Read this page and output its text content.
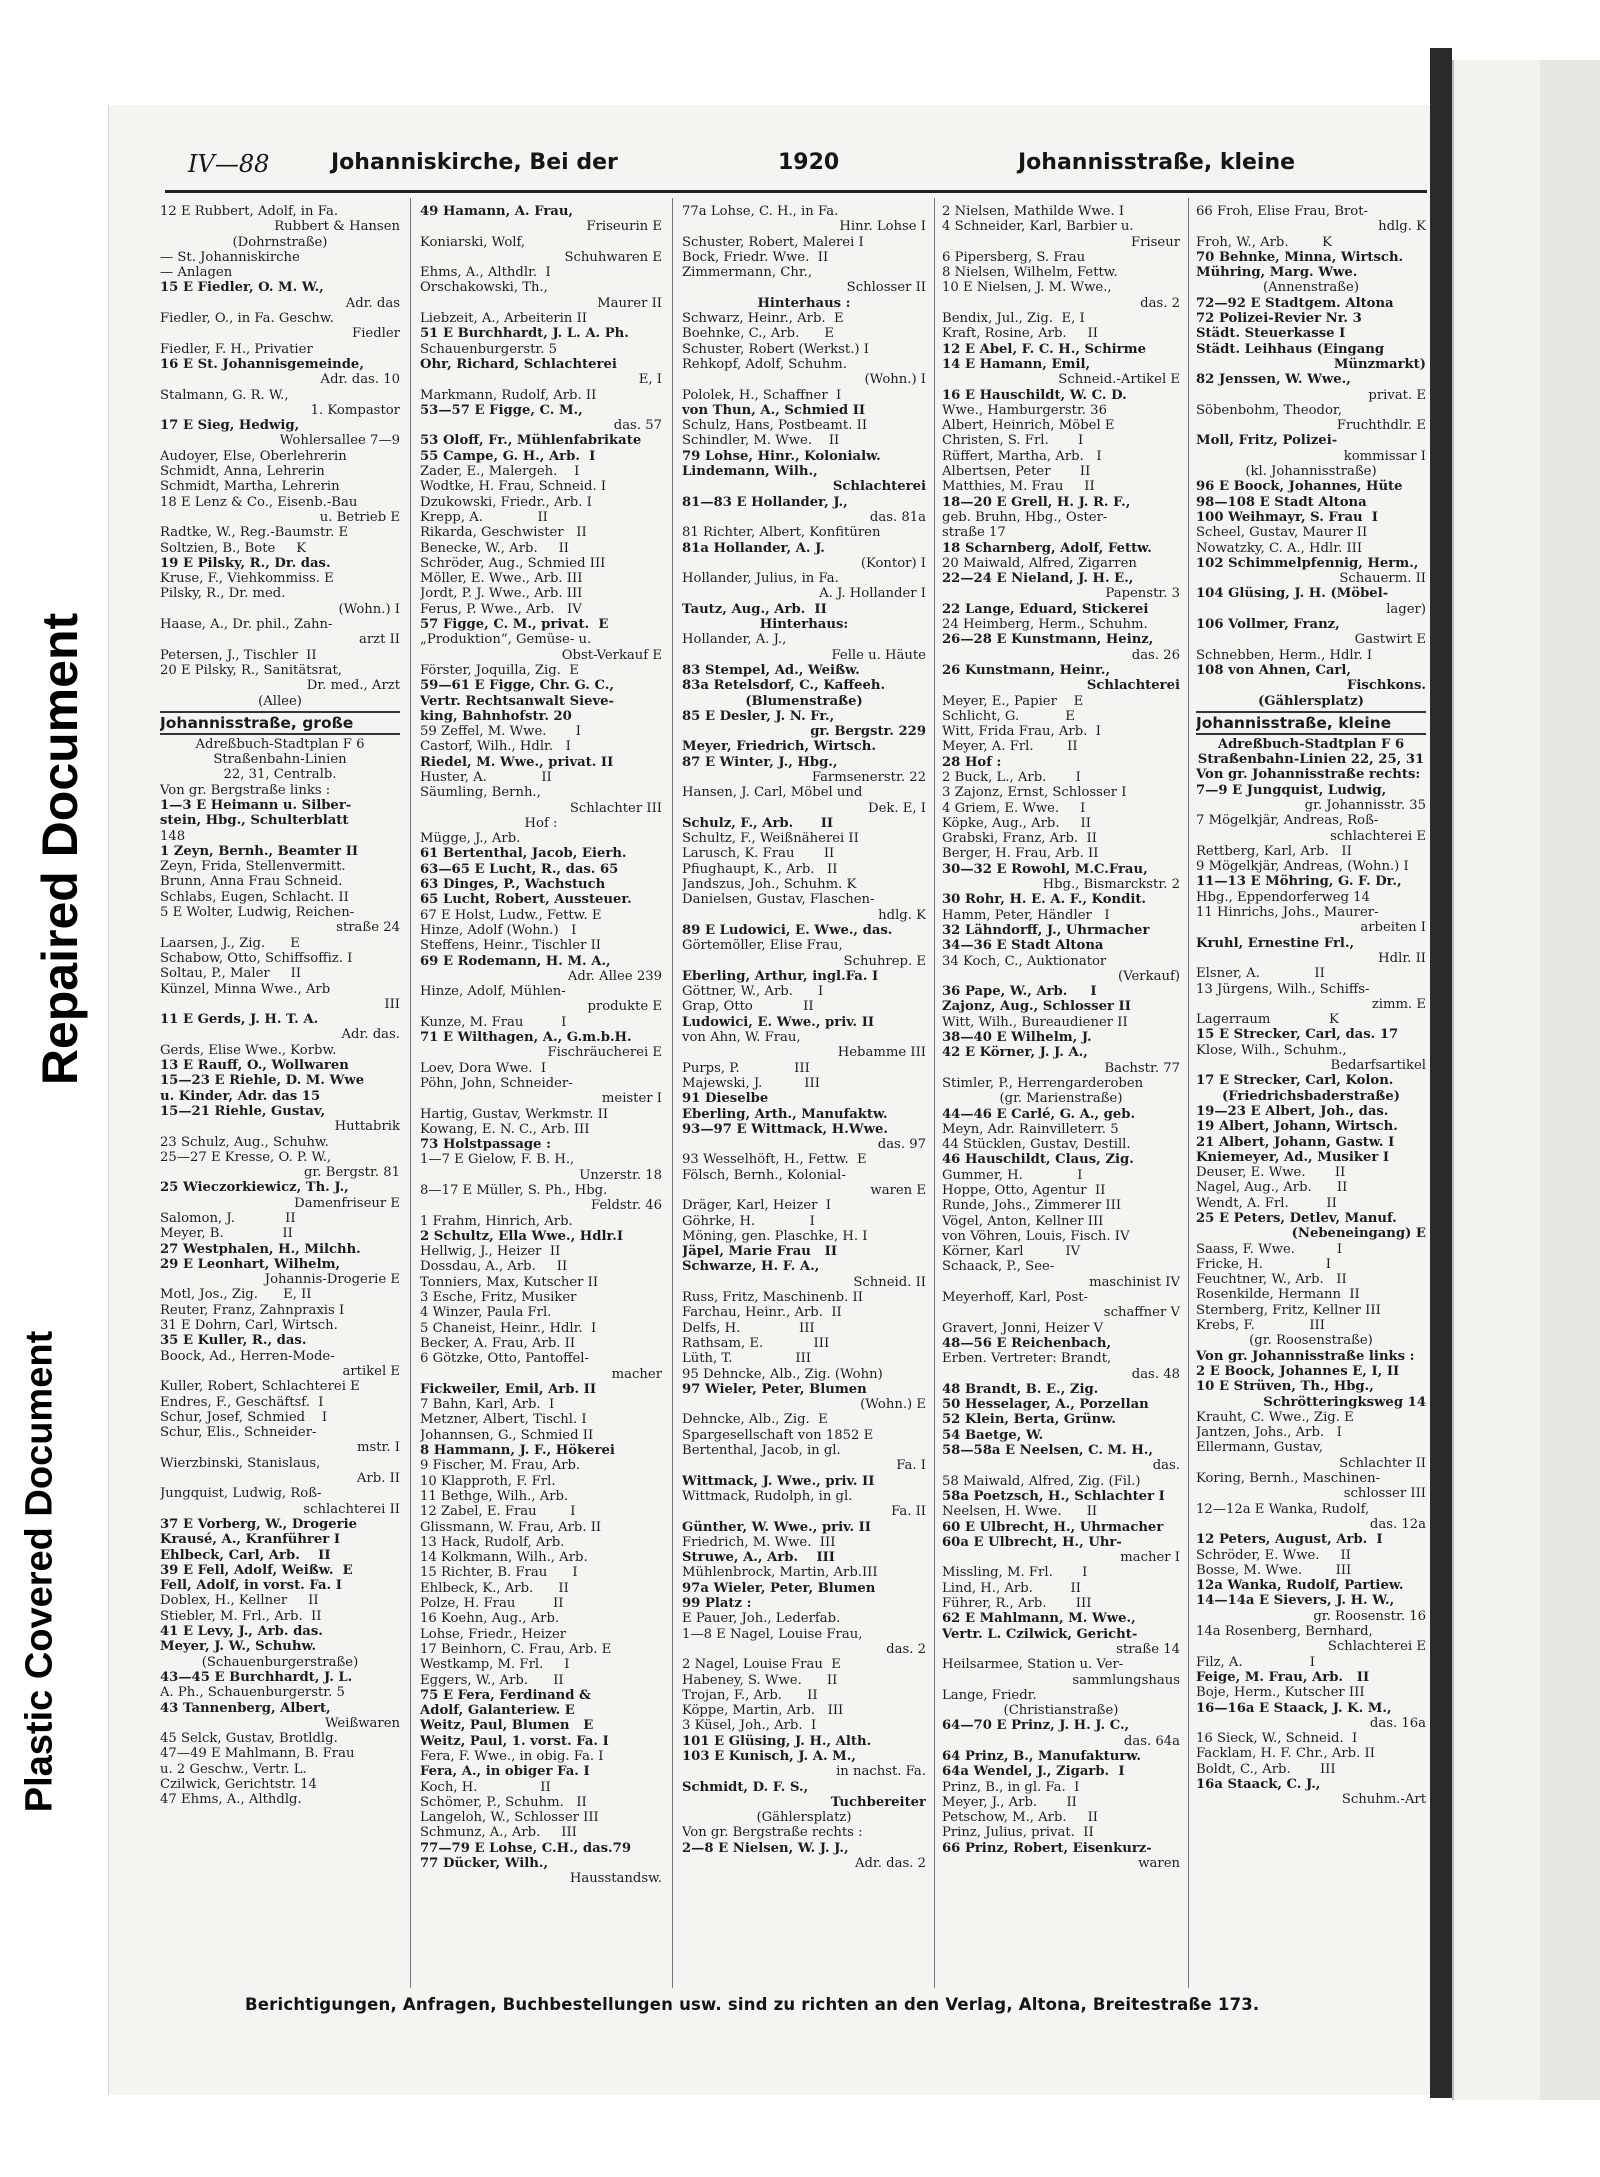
Plastic Covered Document
Repaired Document
IV—88	Johanniskirche, Bei der	1920	Johannisstraße, kleine
12 E Rubbert, Adolf, in Fa.
Rubbert & Hansen
(Dohrnstraße)
— St. Johanniskirche
— Anlagen
15 E Fiedler, O. M. W.,
Adr. das
Fiedler, O., in Fa. Geschw.
Fiedler
Fiedler, F. H., Privatier
16 E St. Johannisgemeinde,
Adr. das. 10
Stalmann, G. R. W.,
1. Kompastor
17 E Sieg, Hedwig,
Wohlersallee 7—9
Audoyer, Else, Oberlehrerin
Schmidt, Anna, Lehrerin
Schmidt, Martha, Lehrerin
18 E Lenz & Co., Eisenb.-Bau
u. Betrieb E
Radtke, W., Reg.-Baumstr. E
Soltzien, B., Bote     K
19 E Pilsky, R., Dr. das.
Kruse, F., Viehkommiss. E
Pilsky, R., Dr. med.
(Wohn.) I
Haase, A., Dr. phil., Zahn-
arzt II
Petersen, J., Tischler  II
20 E Pilsky, R., Sanitätsrat,
Dr. med., Arzt
(Allee)
Johannisstraße, große
Adreßbuch-Stadtplan F 6
Straßenbahn-Linien
22, 31, Centralb.
Von gr. Bergstraße links :
1—3 E Heimann u. Silber-
stein, Hbg., Schulterblatt
148
1 Zeyn, Bernh., Beamter II
Zeyn, Frida, Stellenvermitt.
Brunn, Anna Frau Schneid.
Schlabs, Eugen, Schlacht. II
5 E Wolter, Ludwig, Reichen-
straße 24
Laarsen, J., Zig.      E
Schabow, Otto, Schiffsoffiz. I
Soltau, P., Maler     II
Künzel, Minna Wwe., Arb
III
11 E Gerds, J. H. T. A.
Adr. das.
Gerds, Elise Wwe., Korbw.
13 E Rauff, O., Wollwaren
15—23 E Riehle, D. M. Wwe
u. Kinder, Adr. das 15
15—21 Riehle, Gustav,
Huttabrik
23 Schulz, Aug., Schuhw.
25—27 E Kresse, O. P. W.,
gr. Bergstr. 81
25 Wieczorkiewicz, Th. J.,
Damenfriseur E
Salomon, J.            II
Meyer, B.              II
27 Westphalen, H., Milchh.
29 E Leonhart, Wilhelm,
Johannis-Drogerie E
Motl, Jos., Zig.      E, II
Reuter, Franz, Zahnpraxis I
31 E Dohrn, Carl, Wirtsch.
35 E Kuller, R., das.
Boock, Ad., Herren-Mode-
artikel E
Kuller, Robert, Schlachterei E
Endres, F., Geschäftsf.  I
Schur, Josef, Schmied    I
Schur, Elis., Schneider-
mstr. I
Wierzbinski, Stanislaus,
Arb. II
Jungquist, Ludwig, Roß-
schlachterei II
37 E Vorberg, W., Drogerie
Krausé, A., Kranführer I
Ehlbeck, Carl, Arb.    II
39 E Fell, Adolf, Weißw.  E
Fell, Adolf, in vorst. Fa. I
Doblex, H., Kellner     II
Stiebler, M. Frl., Arb.  II
41 E Levy, J., Arb. das.
Meyer, J. W., Schuhw.
(Schauenburgerstraße)
43—45 E Burchhardt, J. L.
A. Ph., Schauenburgerstr. 5
43 Tannenberg, Albert,
Weißwaren
45 Selck, Gustav, Brotldlg.
47—49 E Mahlmann, B. Frau
u. 2 Geschw., Vertr. L.
Czilwick, Gerichtstr. 14
47 Ehms, A., Althdlg.
49 Hamann, A. Frau,
Friseurin E
Koniarski, Wolf,
Schuhwaren E
Ehms, A., Althdlr.  I
Orschakowski, Th.,
Maurer II
Liebzeit, A., Arbeiterin II
51 E Burchhardt, J. L. A. Ph.
Schauenburgerstr. 5
Ohr, Richard, Schlachterei
E, I
Markmann, Rudolf, Arb. II
53—57 E Figge, C. M.,
das. 57
53 Oloff, Fr., Mühlenfabrikate
55 Campe, G. H., Arb.  I
Zader, E., Malergeh.    I
Wodtke, H. Frau, Schneid. I
Dzukowski, Friedr., Arb. I
Krepp, A.             II
Rikarda, Geschwister   II
Benecke, W., Arb.     II
Schröder, Aug., Schmied III
Möller, E. Wwe., Arb. III
Jordt, P. J. Wwe., Arb. III
Ferus, P. Wwe., Arb.   IV
57 Figge, C. M., privat.  E
„Produktion“, Gemüse- u.
Obst-Verkauf E
Förster, Joquilla, Zig.  E
59—61 E Figge, Chr. G. C.,
Vertr. Rechtsanwalt Sieve-
king, Bahnhofstr. 20
59 Zeffel, M. Wwe.       I
Castorf, Wilh., Hdlr.   I
Riedel, M. Wwe., privat. II
Huster, A.             II
Säumling, Bernh.,
Schlachter III
Hof :
Mügge, J., Arb.
61 Bertenthal, Jacob, Eierh.
63—65 E Lucht, R., das. 65
63 Dinges, P., Wachstuch
65 Lucht, Robert, Aussteuer.
67 E Holst, Ludw., Fettw. E
Hinze, Adolf (Wohn.)   I
Steffens, Heinr., Tischler II
69 E Rodemann, H. M. A.,
Adr. Allee 239
Hinze, Adolf, Mühlen-
produkte E
Kunze, M. Frau         I
71 E Wilthagen, A., G.m.b.H.
Fischräucherei E
Loev, Dora Wwe.  I
Pöhn, John, Schneider-
meister I
Hartig, Gustav, Werkmstr. II
Kowang, E. N. C., Arb. III
73 Holstpassage :
1—7 E Gielow, F. B. H.,
Unzerstr. 18
8—17 E Müller, S. Ph., Hbg.
Feldstr. 46
1 Frahm, Hinrich, Arb.
2 Schultz, Ella Wwe., Hdlr.I
Hellwig, J., Heizer  II
Dossdau, A., Arb.     II
Tonniers, Max, Kutscher II
3 Esche, Fritz, Musiker
4 Winzer, Paula Frl.
5 Chaneist, Heinr., Hdlr.  I
Becker, A. Frau, Arb. II
6 Götzke, Otto, Pantoffel-
macher
Fickweiler, Emil, Arb. II
7 Bahn, Karl, Arb.  I
Metzner, Albert, Tischl. I
Johannsen, G., Schmied II
8 Hammann, J. F., Hökerei
9 Fischer, M. Frau, Arb.
10 Klapproth, F. Frl.
11 Bethge, Wilh., Arb.
12 Zabel, E. Frau        I
Glissmann, W. Frau, Arb. II
13 Hack, Rudolf, Arb.
14 Kolkmann, Wilh., Arb.
15 Richter, B. Frau      I
Ehlbeck, K., Arb.      II
Polze, H. Frau         II
16 Koehn, Aug., Arb.
Lohse, Friedr., Heizer
17 Beinhorn, C. Frau, Arb. E
Westkamp, M. Frl.     I
Eggers, W., Arb.      II
75 E Fera, Ferdinand &
Adolf, Galanteriew. E
Weitz, Paul, Blumen   E
Weitz, Paul, 1. vorst. Fa. I
Fera, F. Wwe., in obig. Fa. I
Fera, A., in obiger Fa. I
Koch, H.               II
Schömer, P., Schuhm.   II
Langeloh, W., Schlosser III
Schmunz, A., Arb.     III
77—79 E Lohse, C.H., das.79
77 Dücker, Wilh.,
Hausstandsw.
77a Lohse, C. H., in Fa.
Hinr. Lohse I
Schuster, Robert, Malerei I
Bock, Friedr. Wwe.  II
Zimmermann, Chr.,
Schlosser II
Hinterhaus :
Schwarz, Heinr., Arb.  E
Boehnke, C., Arb.      E
Schuster, Robert (Werkst.) I
Rehkopf, Adolf, Schuhm.
(Wohn.) I
Pololek, H., Schaffner  I
von Thun, A., Schmied II
Schulz, Hans, Postbeamt. II
Schindler, M. Wwe.    II
79 Lohse, Hinr., Kolonialw.
Lindemann, Wilh.,
Schlachterei
81—83 E Hollander, J.,
das. 81a
81 Richter, Albert, Konfitüren
81a Hollander, A. J.
(Kontor) I
Hollander, Julius, in Fa.
A. J. Hollander I
Tautz, Aug., Arb.  II
Hinterhaus:
Hollander, A. J.,
Felle u. Häute
83 Stempel, Ad., Weißw.
83a Retelsdorf, C., Kaffeeh.
(Blumenstraße)
85 E Desler, J. N. Fr.,
gr. Bergstr. 229
Meyer, Friedrich, Wirtsch.
87 E Winter, J., Hbg.,
Farmsenerstr. 22
Hansen, J. Carl, Möbel und
Dek. E, I
Schulz, F., Arb.      II
Schultz, F., Weißnäherei II
Larusch, K. Frau       II
Pfiughaupt, K., Arb.   II
Jandszus, Joh., Schuhm. K
Danielsen, Gustav, Flaschen-
hdlg. K
89 E Ludowici, E. Wwe., das.
Görtemöller, Elise Frau,
Schuhrep. E
Eberling, Arthur, ingl.Fa. I
Göttner, W., Arb.      I
Grap, Otto            II
Ludowici, E. Wwe., priv. II
von Ahn, W. Frau,
Hebamme III
Purps, P.             III
Majewski, J.          III
91 Dieselbe
Eberling, Arth., Manufaktw.
93—97 E Wittmack, H.Wwe.
das. 97
93 Wesselhöft, H., Fettw.  E
Fölsch, Bernh., Kolonial-
waren E
Dräger, Karl, Heizer  I
Göhrke, H.             I
Möning, gen. Plaschke, H. I
Jäpel, Marie Frau   II
Schwarze, H. F. A.,
Schneid. II
Russ, Fritz, Maschinenb. II
Farchau, Heinr., Arb.  II
Delfs, H.              III
Rathsam, E.            III
Lüth, T.               III
95 Dehncke, Alb., Zig. (Wohn)
97 Wieler, Peter, Blumen
(Wohn.) E
Dehncke, Alb., Zig.  E
Spargesellschaft von 1852 E
Bertenthal, Jacob, in gl.
Fa. I
Wittmack, J. Wwe., priv. II
Wittmack, Rudolph, in gl.
Fa. II
Günther, W. Wwe., priv. II
Friedrich, M. Wwe.  III
Struwe, A., Arb.    III
Mühlenbrock, Martin, Arb.III
97a Wieler, Peter, Blumen
99 Platz :
E Pauer, Joh., Lederfab.
1—8 E Nagel, Louise Frau,
das. 2
2 Nagel, Louise Frau  E
Habeney, S. Wwe.      II
Trojan, F., Arb.      II
Köppe, Martin, Arb.   III
3 Küsel, Joh., Arb.  I
101 E Glüsing, J. H., Alth.
103 E Kunisch, J. A. M.,
in nachst. Fa.
Schmidt, D. F. S.,
Tuchbereiter
(Gählersplatz)
Von gr. Bergstraße rechts :
2—8 E Nielsen, W. J. J.,
Adr. das. 2
2 Nielsen, Mathilde Wwe. I
4 Schneider, Karl, Barbier u.
Friseur
6 Pipersberg, S. Frau
8 Nielsen, Wilhelm, Fettw.
10 E Nielsen, J. M. Wwe.,
das. 2
Bendix, Jul., Zig.  E, I
Kraft, Rosine, Arb.     II
12 E Abel, F. C. H., Schirme
14 E Hamann, Emil,
Schneid.-Artikel E
16 E Hauschildt, W. C. D.
Wwe., Hamburgerstr. 36
Albert, Heinrich, Möbel E
Christen, S. Frl.       I
Rüffert, Martha, Arb.   I
Albertsen, Peter       II
Matthies, M. Frau     II
18—20 E Grell, H. J. R. F.,
geb. Bruhn, Hbg., Oster-
straße 17
18 Scharnberg, Adolf, Fettw.
20 Maiwald, Alfred, Zigarren
22—24 E Nieland, J. H. E.,
Papenstr. 3
22 Lange, Eduard, Stickerei
24 Heimberg, Herm., Schuhm.
26—28 E Kunstmann, Heinz,
das. 26
26 Kunstmann, Heinr.,
Schlachterei
Meyer, E., Papier    E
Schlicht, G.           E
Witt, Frida Frau, Arb.  I
Meyer, A. Frl.        II
28 Hof :
2 Buck, L., Arb.       I
3 Zajonz, Ernst, Schlosser I
4 Griem, E. Wwe.     I
Köpke, Aug., Arb.     II
Grabski, Franz, Arb.  II
Berger, H. Frau, Arb. II
30—32 E Rowohl, M.C.Frau,
Hbg., Bismarckstr. 2
30 Rohr, H. E. A. F., Kondit.
Hamm, Peter, Händler   I
32 Lähndorff, J., Uhrmacher
34—36 E Stadt Altona
34 Koch, C., Auktionator
(Verkauf)
36 Pape, W., Arb.     I
Zajonz, Aug., Schlosser II
Witt, Wilh., Bureaudiener II
38—40 E Wilhelm, J.
42 E Körner, J. J. A.,
Bachstr. 77
Stimler, P., Herrengarderoben
(gr. Marienstraße)
44—46 E Carlé, G. A., geb.
Meyn, Adr. Rainvilleterr. 5
44 Stücklen, Gustav, Destill.
46 Hauschildt, Claus, Zig.
Gummer, H.             I
Hoppe, Otto, Agentur  II
Runde, Johs., Zimmerer III
Vögel, Anton, Kellner III
von Vöhren, Louis, Fisch. IV
Körner, Karl          IV
Schaack, P., See-
maschinist IV
Meyerhoff, Karl, Post-
schaffner V
Gravert, Jonni, Heizer V
48—56 E Reichenbach,
Erben. Vertreter: Brandt,
das. 48
48 Brandt, B. E., Zig.
50 Hesselager, A., Porzellan
52 Klein, Berta, Grünw.
54 Baetge, W.
58—58a E Neelsen, C. M. H.,
das.
58 Maiwald, Alfred, Zig. (Fil.)
58a Poetzsch, H., Schlachter I
Neelsen, H. Wwe.      II
60 E Ulbrecht, H., Uhrmacher
60a E Ulbrecht, H., Uhr-
macher I
Missling, M. Frl.       I
Lind, H., Arb.         II
Führer, R., Arb.       III
62 E Mahlmann, M. Wwe.,
Vertr. L. Czilwick, Gericht-
straße 14
Heilsarmee, Station u. Ver-
sammlungshaus
Lange, Friedr.
(Christianstraße)
64—70 E Prinz, J. H. J. C.,
das. 64a
64 Prinz, B., Manufakturw.
64a Wendel, J., Zigarb.  I
Prinz, B., in gl. Fa.  I
Meyer, J., Arb.       II
Petschow, M., Arb.     II
Prinz, Julius, privat.  II
66 Prinz, Robert, Eisenkurz-
waren
66 Froh, Elise Frau, Brot-
hdlg. K
Froh, W., Arb.        K
70 Behnke, Minna, Wirtsch.
Mühring, Marg. Wwe.
(Annenstraße)
72—92 E Stadtgem. Altona
72 Polizei-Revier Nr. 3
Städt. Steuerkasse I
Städt. Leihhaus (Eingang
Münzmarkt)
82 Jenssen, W. Wwe.,
privat. E
Söbenbohm, Theodor,
Fruchthdlr. E
Moll, Fritz, Polizei-
kommissar I
(kl. Johannisstraße)
96 E Boock, Johannes, Hüte
98—108 E Stadt Altona
100 Weihmayr, S. Frau  I
Scheel, Gustav, Maurer II
Nowatzky, C. A., Hdlr. III
102 Schimmelpfennig, Herm.,
Schauerm. II
104 Glüsing, J. H. (Möbel-
lager)
106 Vollmer, Franz,
Gastwirt E
Schnebben, Herm., Hdlr. I
108 von Ahnen, Carl,
Fischkons.
(Gählersplatz)
Johannisstraße, kleine
Adreßbuch-Stadtplan F 6
Straßenbahn-Linien 22, 25, 31
Von gr. Johannisstraße rechts:
7—9 E Jungquist, Ludwig,
gr. Johannisstr. 35
7 Mögelkjär, Andreas, Roß-
schlachterei E
Rettberg, Karl, Arb.   II
9 Mögelkjär, Andreas, (Wohn.) I
11—13 E Möhring, G. F. Dr.,
Hbg., Eppendorferweg 14
11 Hinrichs, Johs., Maurer-
arbeiten I
Kruhl, Ernestine Frl.,
Hdlr. II
Elsner, A.             II
13 Jürgens, Wilh., Schiffs-
zimm. E
Lagerraum              K
15 E Strecker, Carl, das. 17
Klose, Wilh., Schuhm.,
Bedarfsartikel
17 E Strecker, Carl, Kolon.
(Friedrichsbaderstraße)
19—23 E Albert, Joh., das.
19 Albert, Johann, Wirtsch.
21 Albert, Johann, Gastw. I
Kniemeyer, Ad., Musiker I
Deuser, E. Wwe.       II
Nagel, Aug., Arb.      II
Wendt, A. Frl.         II
25 E Peters, Detlev, Manuf.
(Nebeneingang) E
Saass, F. Wwe.          I
Fricke, H.               I
Feuchtner, W., Arb.   II
Rosenkilde, Hermann  II
Sternberg, Fritz, Kellner III
Krebs, F.             III
(gr. Roosenstraße)
Von gr. Johannisstraße links :
2 E Boock, Johannes E, I, II
10 E Strüven, Th., Hbg.,
Schrötteringksweg 14
Krauht, C. Wwe., Zig. E
Jantzen, Johs., Arb.   I
Ellermann, Gustav,
Schlachter II
Koring, Bernh., Maschinen-
schlosser III
12—12a E Wanka, Rudolf,
das. 12a
12 Peters, August, Arb.  I
Schröder, E. Wwe.     II
Bosse, M. Wwe.        III
12a Wanka, Rudolf, Partiew.
14—14a E Sievers, J. H. W.,
gr. Roosenstr. 16
14a Rosenberg, Bernhard,
Schlachterei E
Filz, A.                I
Feige, M. Frau, Arb.   II
Boje, Herm., Kutscher III
16—16a E Staack, J. K. M.,
das. 16a
16 Sieck, W., Schneid.  I
Facklam, H. F. Chr., Arb. II
Boldt, C., Arb.       III
16a Staack, C. J.,
Schuhm.-Art
Berichtigungen, Anfragen, Buchbestellungen usw. sind zu richten an den Verlag, Altona, Breitestraße 173.
